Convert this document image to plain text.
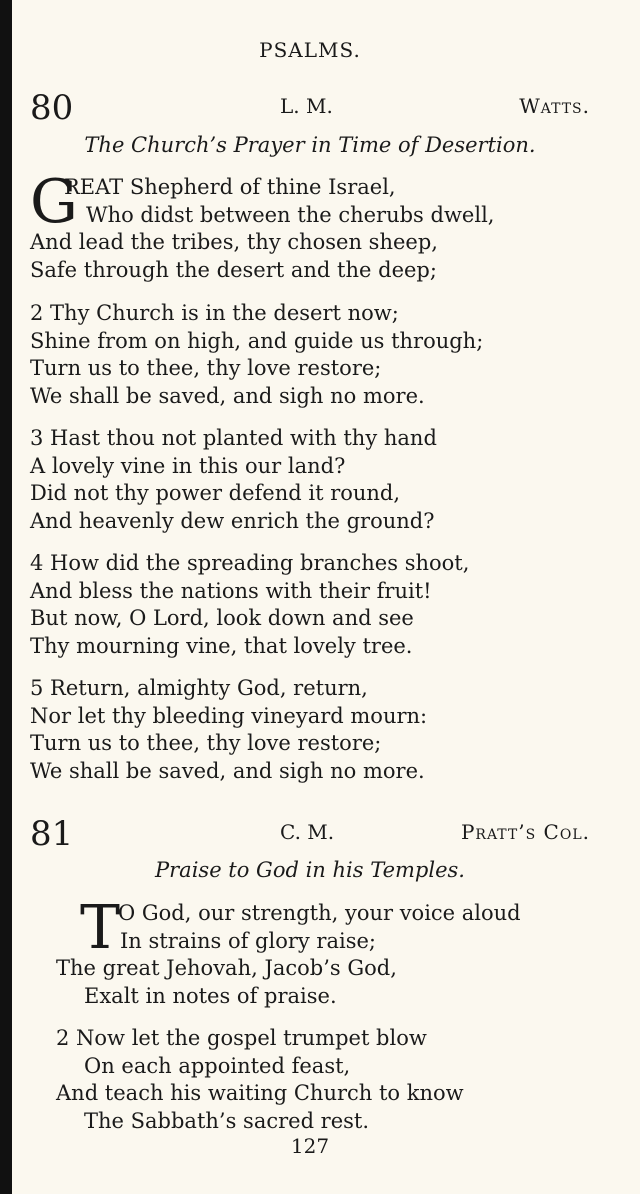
PSALMS.
80	L. M.	Watts.
The Church’s Prayer in Time of Desertion.
G
REAT Shepherd of thine Israel,
Who didst between the cherubs dwell,
And lead the tribes, thy chosen sheep,
Safe through the desert and the deep;
2 Thy Church is in the desert now;
Shine from on high, and guide us through;
Turn us to thee, thy love restore;
We shall be saved, and sigh no more.
3 Hast thou not planted with thy hand
A lovely vine in this our land?
Did not thy power defend it round,
And heavenly dew enrich the ground?
4 How did the spreading branches shoot,
And bless the nations with their fruit!
But now, O Lord, look down and see
Thy mourning vine, that lovely tree.
5 Return, almighty God, return,
Nor let thy bleeding vineyard mourn:
Turn us to thee, thy love restore;
We shall be saved, and sigh no more.
81	C. M.	Pratt’s Col.
Praise to God in his Temples.
T
O God, our strength, your voice aloud
In strains of glory raise;
The great Jehovah, Jacob’s God,
Exalt in notes of praise.
2 Now let the gospel trumpet blow
On each appointed feast,
And teach his waiting Church to know
The Sabbath’s sacred rest.
127
